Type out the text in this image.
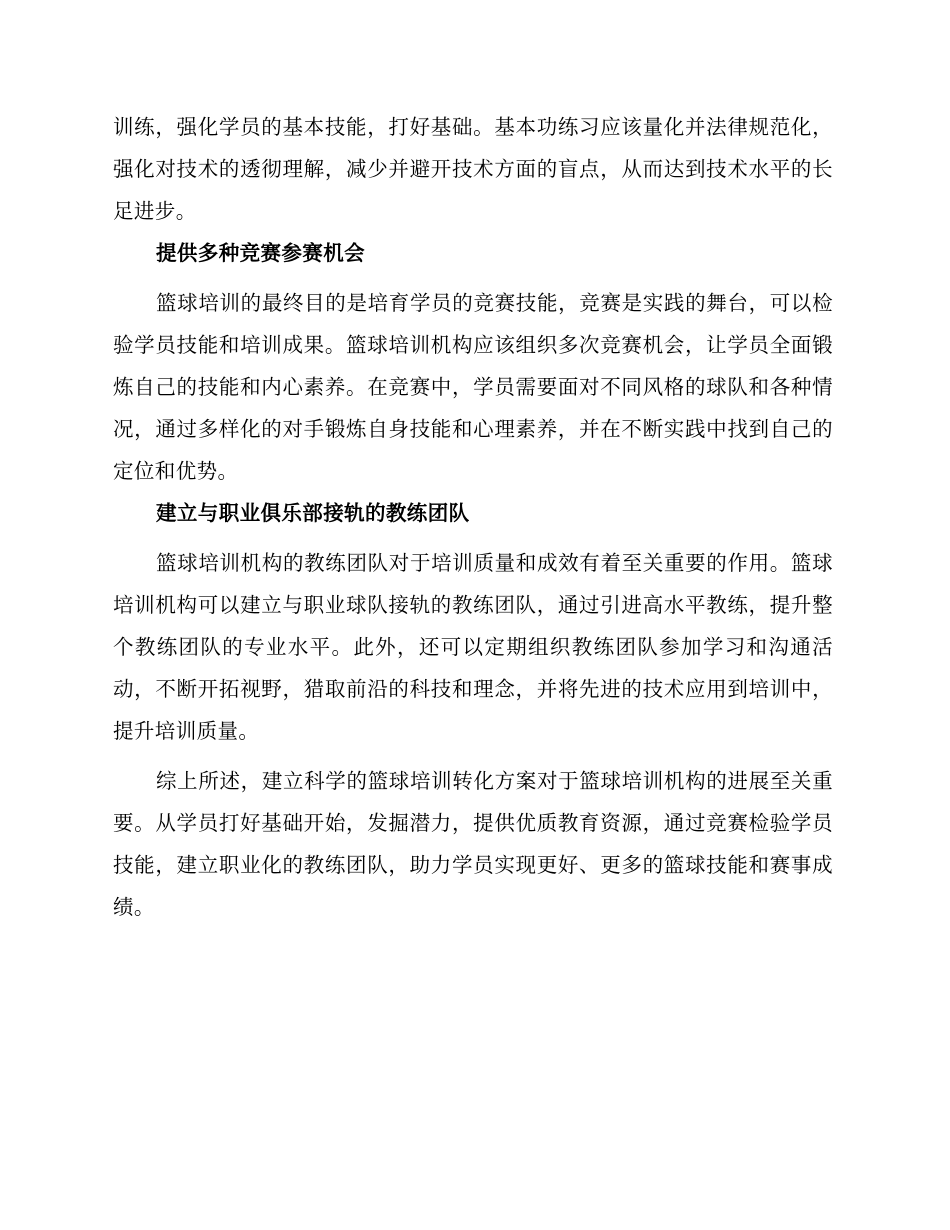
训练，强化学员的基本技能，打好基础。基本功练习应该量化并法律规范化，强化对技术的透彻理解，减少并避开技术方面的盲点，从而达到技术水平的长足进步。

提供多种竞赛参赛机会

篮球培训的最终目的是培育学员的竞赛技能，竞赛是实践的舞台，可以检验学员技能和培训成果。篮球培训机构应该组织多次竞赛机会，让学员全面锻炼自己的技能和内心素养。在竞赛中，学员需要面对不同风格的球队和各种情况，通过多样化的对手锻炼自身技能和心理素养，并在不断实践中找到自己的定位和优势。

建立与职业俱乐部接轨的教练团队

篮球培训机构的教练团队对于培训质量和成效有着至关重要的作用。篮球培训机构可以建立与职业球队接轨的教练团队，通过引进高水平教练，提升整个教练团队的专业水平。此外，还可以定期组织教练团队参加学习和沟通活动，不断开拓视野，猎取前沿的科技和理念，并将先进的技术应用到培训中，提升培训质量。

综上所述，建立科学的篮球培训转化方案对于篮球培训机构的进展至关重要。从学员打好基础开始，发掘潜力，提供优质教育资源，通过竞赛检验学员技能，建立职业化的教练团队，助力学员实现更好、更多的篮球技能和赛事成绩。
